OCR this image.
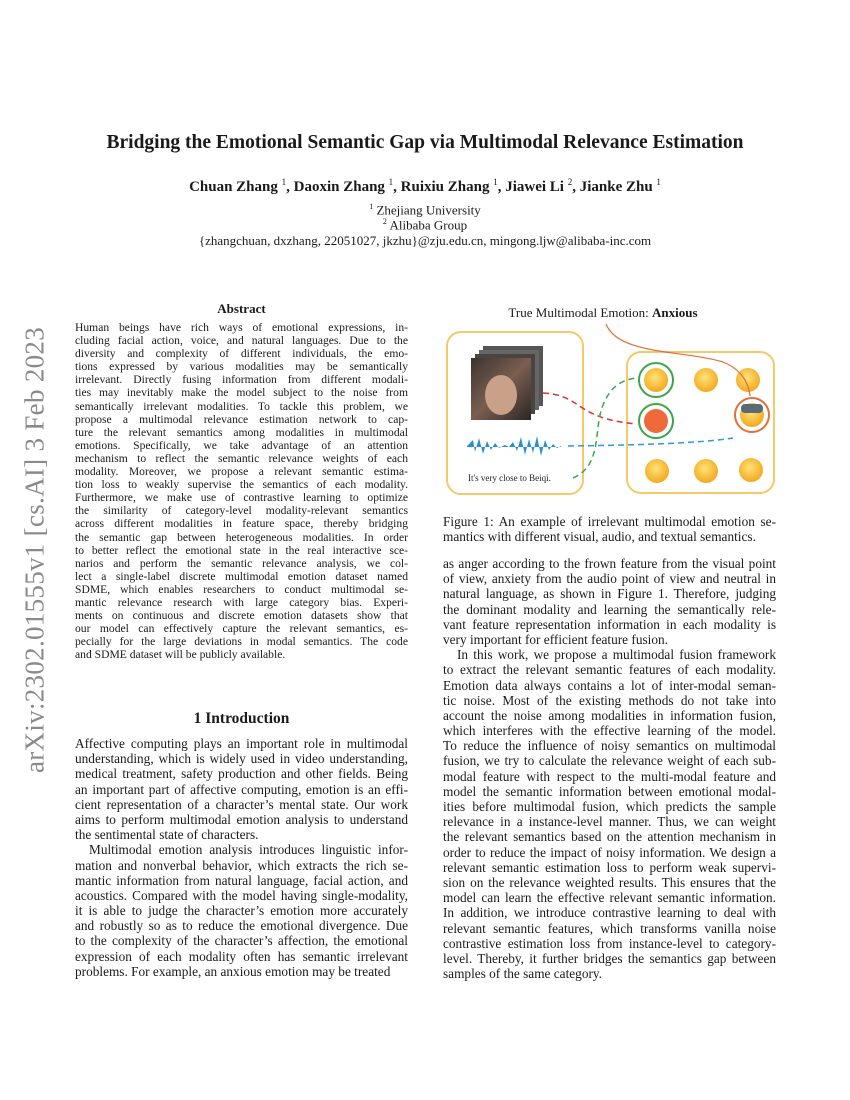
arXiv:2302.01555v1 [cs.AI] 3 Feb 2023
Bridging the Emotional Semantic Gap via Multimodal Relevance Estimation
Chuan Zhang $^1$, Daoxin Zhang $^1$, Ruixiu Zhang $^1$, Jiawei Li $^2$, Jianke Zhu $^1$
$^1$ Zhejiang University
$^2$ Alibaba Group
{zhangchuan, dxzhang, 22051027, jkzhu}@zju.edu.cn, mingong.ljw@alibaba-inc.com
Abstract
Human beings have rich ways of emotional expressions, in-
cluding facial action, voice, and natural languages. Due to the
diversity and complexity of different individuals, the emo-
tions expressed by various modalities may be semantically
irrelevant. Directly fusing information from different modali-
ties may inevitably make the model subject to the noise from
semantically irrelevant modalities. To tackle this problem, we
propose a multimodal relevance estimation network to cap-
ture the relevant semantics among modalities in multimodal
emotions. Specifically, we take advantage of an attention
mechanism to reflect the semantic relevance weights of each
modality. Moreover, we propose a relevant semantic estima-
tion loss to weakly supervise the semantics of each modality.
Furthermore, we make use of contrastive learning to optimize
the similarity of category-level modality-relevant semantics
across different modalities in feature space, thereby bridging
the semantic gap between heterogeneous modalities. In order
to better reflect the emotional state in the real interactive sce-
narios and perform the semantic relevance analysis, we col-
lect a single-label discrete multimodal emotion dataset named
SDME, which enables researchers to conduct multimodal se-
mantic relevance research with large category bias. Experi-
ments on continuous and discrete emotion datasets show that
our model can effectively capture the relevant semantics, es-
pecially for the large deviations in modal semantics. The code
and SDME dataset will be publicly available.
1 Introduction
Affective computing plays an important role in multimodal
understanding, which is widely used in video understanding,
medical treatment, safety production and other fields. Being
an important part of affective computing, emotion is an effi-
cient representation of a character’s mental state. Our work
aims to perform multimodal emotion analysis to understand
the sentimental state of characters.
Multimodal emotion analysis introduces linguistic infor-
mation and nonverbal behavior, which extracts the rich se-
mantic information from natural language, facial action, and
acoustics. Compared with the model having single-modality,
it is able to judge the character’s emotion more accurately
and robustly so as to reduce the emotional divergence. Due
to the complexity of the character’s affection, the emotional
expression of each modality often has semantic irrelevant
problems. For example, an anxious emotion may be treated
True Multimodal Emotion: Anxious
It's very close to Beiqi.
Figure 1: An example of irrelevant multimodal emotion se-
mantics with different visual, audio, and textual semantics.
as anger according to the frown feature from the visual point
of view, anxiety from the audio point of view and neutral in
natural language, as shown in Figure 1. Therefore, judging
the dominant modality and learning the semantically rele-
vant feature representation information in each modality is
very important for efficient feature fusion.
In this work, we propose a multimodal fusion framework
to extract the relevant semantic features of each modality.
Emotion data always contains a lot of inter-modal seman-
tic noise. Most of the existing methods do not take into
account the noise among modalities in information fusion,
which interferes with the effective learning of the model.
To reduce the influence of noisy semantics on multimodal
fusion, we try to calculate the relevance weight of each sub-
modal feature with respect to the multi-modal feature and
model the semantic information between emotional modal-
ities before multimodal fusion, which predicts the sample
relevance in a instance-level manner. Thus, we can weight
the relevant semantics based on the attention mechanism in
order to reduce the impact of noisy information. We design a
relevant semantic estimation loss to perform weak supervi-
sion on the relevance weighted results. This ensures that the
model can learn the effective relevant semantic information.
In addition, we introduce contrastive learning to deal with
relevant semantic features, which transforms vanilla noise
contrastive estimation loss from instance-level to category-
level. Thereby, it further bridges the semantics gap between
samples of the same category.
